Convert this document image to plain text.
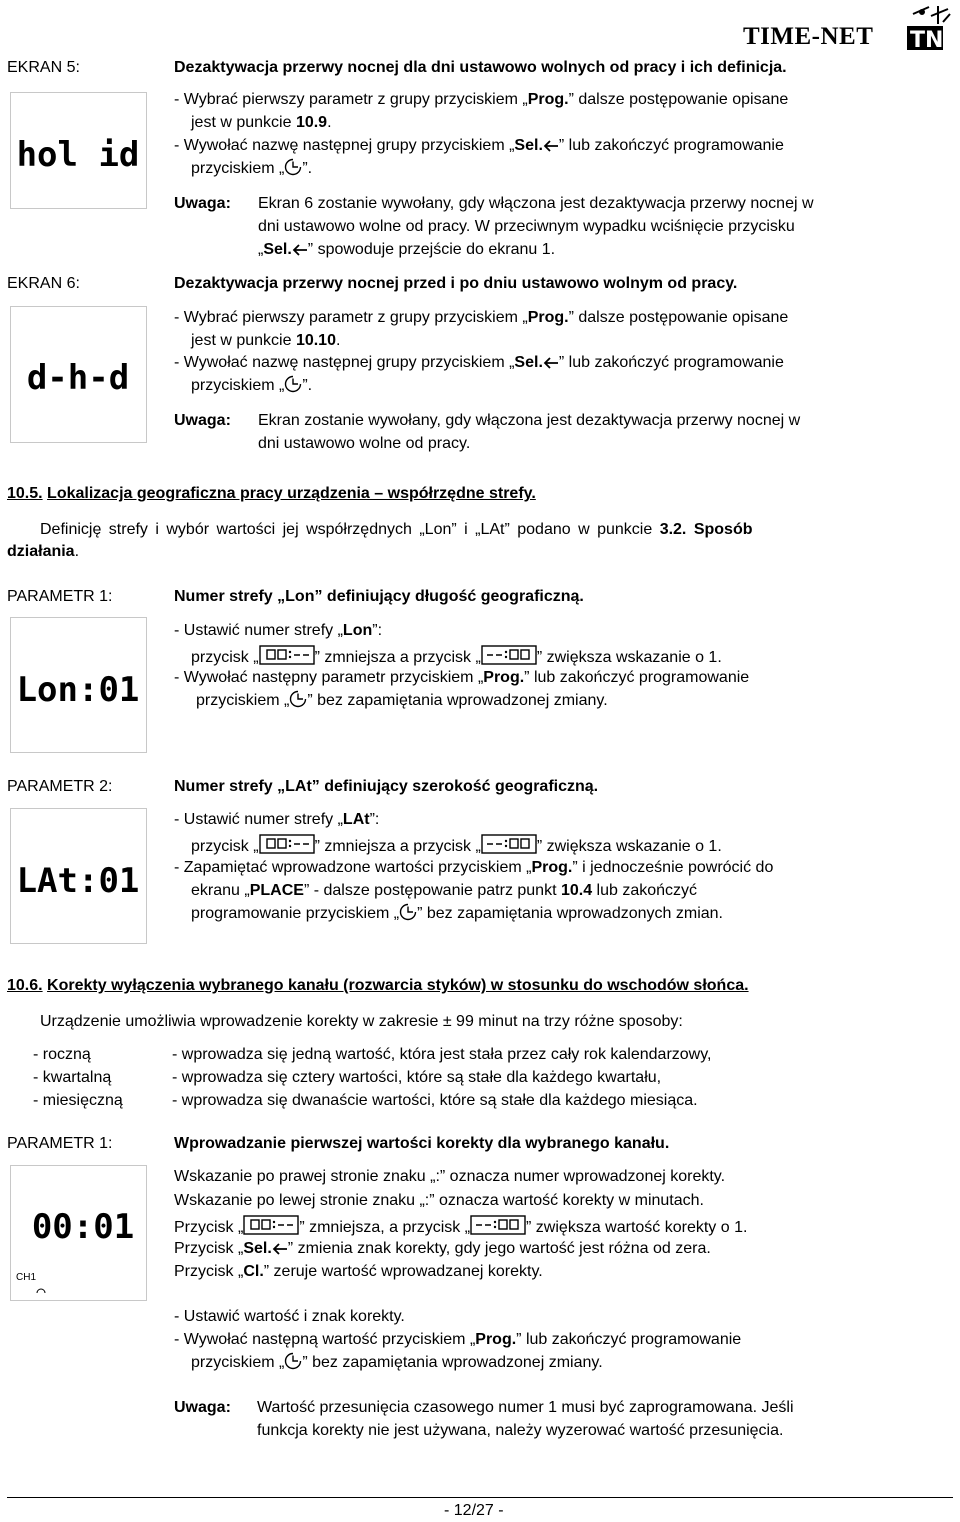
TN
TIME-NET
EKRAN 5:
hol id
Dezaktywacja przerwy nocnej dla dni ustawowo wolnych od pracy i ich definicja.
- Wybrać pierwszy parametr z grupy przyciskiem „Prog.” dalsze postępowanie opisane
jest w punkcie 10.9.
- Wywołać nazwę następnej grupy przyciskiem „Sel. ” lub zakończyć programowanie
przyciskiem „ ”.
Uwaga: Ekran 6 zostanie wywołany, gdy włączona jest dezaktywacja przerwy nocnej w
dni ustawowo wolne od pracy. W przeciwnym wypadku wciśnięcie przycisku
„Sel. ” spowoduje przejście do ekranu 1.
EKRAN 6:
d-h-d
Dezaktywacja przerwy nocnej przed i po dniu ustawowo wolnym od pracy.
- Wybrać pierwszy parametr z grupy przyciskiem „Prog.” dalsze postępowanie opisane
jest w punkcie 10.10.
- Wywołać nazwę następnej grupy przyciskiem „Sel. ” lub zakończyć programowanie
przyciskiem „ ”.
Uwaga: Ekran zostanie wywołany, gdy włączona jest dezaktywacja przerwy nocnej w
dni ustawowo wolne od pracy.
10.5. Lokalizacja geograficzna pracy urządzenia – współrzędne strefy.
Definicję strefy i wybór wartości jej współrzędnych „Lon” i „LAt” podano w punkcie 3.2. Sposób
działania.
PARAMETR 1:
Lon:01
Numer strefy „Lon” definiujący długość geograficzną.
- Ustawić numer strefy „Lon”:
przycisk „	” zmniejsza a przycisk „	” zwiększa wskazanie o 1.
- Wywołać następny parametr przyciskiem „Prog.” lub zakończyć programowanie
przyciskiem „ ” bez zapamiętania wprowadzonej zmiany.
PARAMETR 2:
LAt:01
Numer strefy „LAt” definiujący szerokość geograficzną.
- Ustawić numer strefy „LAt”:
przycisk „	” zmniejsza a przycisk „	” zwiększa wskazanie o 1.
- Zapamiętać wprowadzone wartości przyciskiem „Prog.” i jednocześnie powrócić do
ekranu „PLACE” - dalsze postępowanie patrz punkt 10.4 lub zakończyć
programowanie przyciskiem „ ” bez zapamiętania wprowadzonych zmian.
10.6. Korekty wyłączenia wybranego kanału (rozwarcia styków) w stosunku do wschodów słońca.
Urządzenie umożliwia wprowadzenie korekty w zakresie ± 99 minut na trzy różne sposoby:
- roczną	- wprowadza się jedną wartość, która jest stała przez cały rok kalendarzowy,
- kwartalną	- wprowadza się cztery wartości, które są stałe dla każdego kwartału,
- miesięczną	- wprowadza się dwanaście wartości, które są stałe dla każdego miesiąca.
PARAMETR 1:
00:01
CH1
Wprowadzanie pierwszej wartości korekty dla wybranego kanału.
Wskazanie po prawej stronie znaku „:” oznacza numer wprowadzonej korekty.
Wskazanie po lewej stronie znaku „:” oznacza wartość korekty w minutach.
Przycisk „	” zmniejsza, a przycisk „	” zwiększa wartość korekty o 1.
Przycisk „Sel. ” zmienia znak korekty, gdy jego wartość jest różna od zera.
Przycisk „Cl.” zeruje wartość wprowadzanej korekty.
- Ustawić wartość i znak korekty.
- Wywołać następną wartość przyciskiem „Prog.” lub zakończyć programowanie
przyciskiem „ ” bez zapamiętania wprowadzonej zmiany.
Uwaga: Wartość przesunięcia czasowego numer 1 musi być zaprogramowana. Jeśli
funkcja korekty nie jest używana, należy wyzerować wartość przesunięcia.
- 12/27 -
